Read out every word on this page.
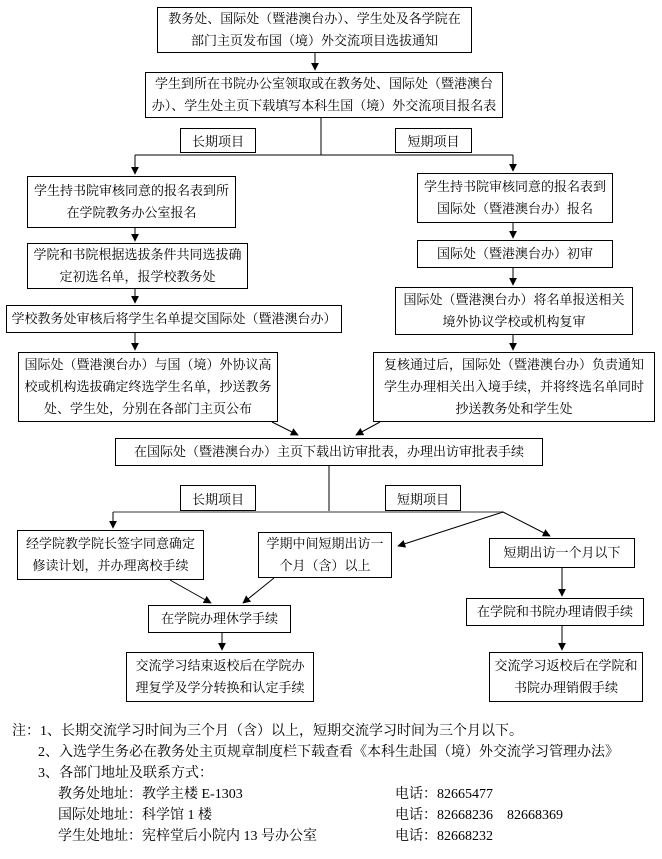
教务处、国际处（暨港澳台办）、学生处及各学院在部门主页发布国（境）外交流项目选拔通知
学生到所在书院办公室领取或在教务处、国际处（暨港澳台办）、学生处主页下载填写本科生国（境）外交流项目报名表
长期项目	短期项目
学生持书院审核同意的报名表到所在学院教务办公室报名
学院和书院根据选拔条件共同选拔确定初选名单，报学校教务处
学校教务处审核后将学生名单提交国际处（暨港澳台办）
国际处（暨港澳台办）与国（境）外协议高校或机构选拔确定终选学生名单，抄送教务处、学生处，分别在各部门主页公布
学生持书院审核同意的报名表到国际处（暨港澳台办）报名
国际处（暨港澳台办）初审
国际处（暨港澳台办）将名单报送相关境外协议学校或机构复审
复核通过后，国际处（暨港澳台办）负责通知学生办理相关出入境手续，并将终选名单同时抄送教务处和学生处
在国际处（暨港澳台办）主页下载出访审批表，办理出访审批表手续
长期项目	短期项目
经学院教学院长签字同意确定修读计划，并办理离校手续
学期中间短期出访一个月（含）以上
在学院办理休学手续
交流学习结束返校后在学院办理复学及学分转换和认定手续
短期出访一个月以下
在学院和书院办理请假手续
交流学习返校后在学院和书院办理销假手续
注：1、长期交流学习时间为三个月（含）以上，短期交流学习时间为三个月以下。
2、入选学生务必在教务处主页规章制度栏下载查看《本科生赴国（境）外交流学习管理办法》
3、各部门地址及联系方式：
教务处地址：教学主楼 E-1303	电话：82665477
国际处地址：科学馆 1 楼	电话：82668236　82668369
学生处地址：宪梓堂后小院内 13 号办公室	电话：82668232
